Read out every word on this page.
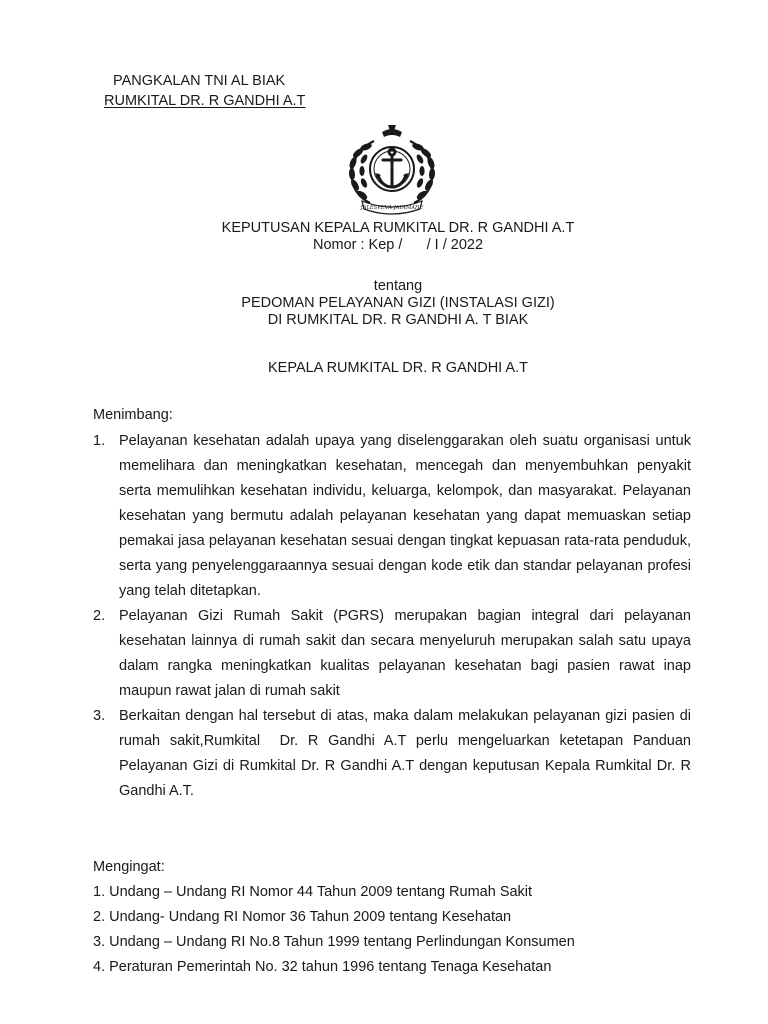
PANGKALAN TNI AL BIAK
RUMKITAL DR. R GANDHI A.T
JALESVEVA JAYAMAHE
KEPUTUSAN KEPALA RUMKITAL DR. R GANDHI A.T
Nomor : Kep /      / I / 2022
tentang
PEDOMAN PELAYANAN GIZI (INSTALASI GIZI)
DI RUMKITAL DR. R GANDHI A. T BIAK
KEPALA RUMKITAL DR. R GANDHI A.T
Menimbang:
1. Pelayanan kesehatan adalah upaya yang diselenggarakan oleh suatu organisasi untuk memelihara dan meningkatkan kesehatan, mencegah dan menyembuhkan penyakit serta memulihkan kesehatan individu, keluarga, kelompok, dan masyarakat. Pelayanan kesehatan yang bermutu adalah pelayanan kesehatan yang dapat memuaskan setiap pemakai jasa pelayanan kesehatan sesuai dengan tingkat kepuasan rata-rata penduduk, serta yang penyelenggaraannya sesuai dengan kode etik dan standar pelayanan profesi yang telah ditetapkan.
2. Pelayanan Gizi Rumah Sakit (PGRS) merupakan bagian integral dari pelayanan kesehatan lainnya di rumah sakit dan secara menyeluruh merupakan salah satu upaya dalam rangka meningkatkan kualitas pelayanan kesehatan bagi pasien rawat inap maupun rawat jalan di rumah sakit
3. Berkaitan dengan hal tersebut di atas, maka dalam melakukan pelayanan gizi pasien di rumah sakit,Rumkital  Dr. R Gandhi A.T perlu mengeluarkan ketetapan Panduan Pelayanan Gizi di Rumkital Dr. R Gandhi A.T dengan keputusan Kepala Rumkital Dr. R Gandhi A.T.
Mengingat:
1. Undang – Undang RI Nomor 44 Tahun 2009 tentang Rumah Sakit
2. Undang- Undang RI Nomor 36 Tahun 2009 tentang Kesehatan
3. Undang – Undang RI No.8 Tahun 1999 tentang Perlindungan Konsumen
4. Peraturan Pemerintah No. 32 tahun 1996 tentang Tenaga Kesehatan
